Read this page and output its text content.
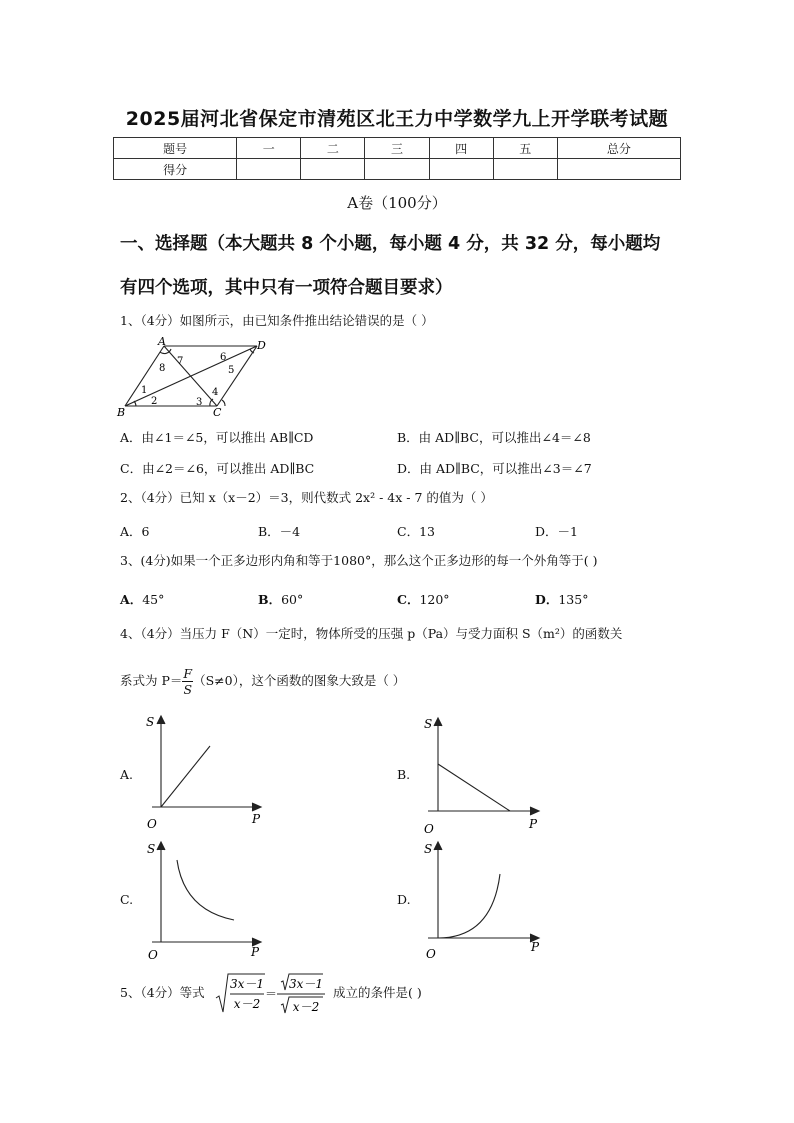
2025届河北省保定市清苑区北王力中学数学九上开学联考试题
题号	一	二	三	四	五	总分
得分						
A卷（100分）
一、选择题（本大题共 8 个小题，每小题 4 分，共 32 分，每小题均
有四个选项，其中只有一项符合题目要求）
1、（4分）如图所示，由已知条件推出结论错误的是（ ）
A	D
B	C
7
8
6
5
1
2	3
4
A．由∠1＝∠5，可以推出 AB∥CD	B．由 AD∥BC，可以推出∠4＝∠8
C．由∠2＝∠6，可以推出 AD∥BC	D．由 AD∥BC，可以推出∠3＝∠7
2、（4分）已知 x（x－2）＝3，则代数式 2x² - 4x - 7 的值为（ ）
A．6	B．－4	C．13	D．－1
3、(4分)如果一个正多边形内角和等于1080°，那么这个正多边形的每一个外角等于( )
A．45°	B．60°	C．120°	D．135°
4、（4分）当压力 F（N）一定时，物体所受的压强 p（Pa）与受力面积 S（m²）的函数关
系式为 $P= \frac{F}{S} (S\ne 0)$，这个函数的图象大致是（ ）
A.
S
P
O
B.
S
P
O
C.
S
P
O
D.
S
P
O
5、（4分）等式
3x－1
x－2
＝
3x－1
x－2
成立的条件是( )
